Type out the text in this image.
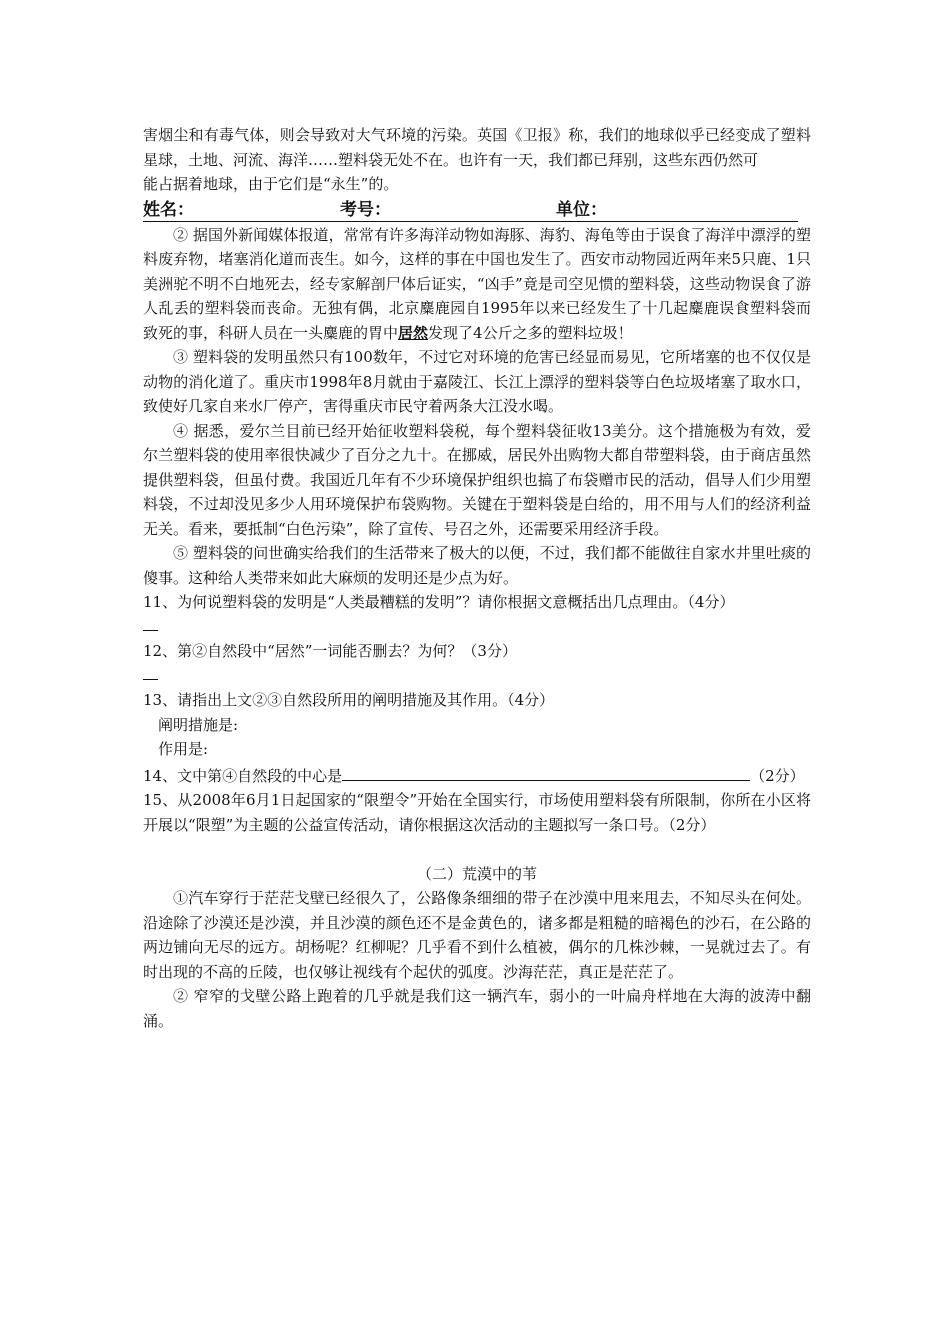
害烟尘和有毒气体，则会导致对大气环境的污染。英国《卫报》称，我们的地球似乎已经变成了塑料星球，土地、河流、海洋……塑料袋无处不在。也许有一天，我们都已拜别，这些东西仍然可

能占据着地球，由于它们是“永生”的。

姓名：	考号：	单位：

② 据国外新闻媒体报道，常常有许多海洋动物如海豚、海豹、海龟等由于误食了海洋中漂浮的塑料废弃物，堵塞消化道而丧生。如今，这样的事在中国也发生了。西安市动物园近两年来5只鹿、1只美洲驼不明不白地死去，经专家解剖尸体后证实，“凶手”竟是司空见惯的塑料袋，这些动物误食了游人乱丢的塑料袋而丧命。无独有偶，北京麋鹿园自1995年以来已经发生了十几起麋鹿误食塑料袋而致死的事，科研人员在一头麋鹿的胃中居然发现了4公斤之多的塑料垃圾！

③ 塑料袋的发明虽然只有100数年，不过它对环境的危害已经显而易见，它所堵塞的也不仅仅是动物的消化道了。重庆市1998年8月就由于嘉陵江、长江上漂浮的塑料袋等白色垃圾堵塞了取水口，致使好几家自来水厂停产，害得重庆市民守着两条大江没水喝。

④ 据悉，爱尔兰目前已经开始征收塑料袋税，每个塑料袋征收13美分。这个措施极为有效，爱尔兰塑料袋的使用率很快减少了百分之九十。在挪威，居民外出购物大都自带塑料袋，由于商店虽然提供塑料袋，但虽付费。我国近几年有不少环境保护组织也搞了布袋赠市民的活动，倡导人们少用塑料袋，不过却没见多少人用环境保护布袋购物。关键在于塑料袋是白给的，用不用与人们的经济利益无关。看来，要抵制“白色污染”，除了宣传、号召之外，还需要采用经济手段。

⑤ 塑料袋的问世确实给我们的生活带来了极大的以便，不过，我们都不能做往自家水井里吐痰的傻事。这种给人类带来如此大麻烦的发明还是少点为好。

11、为何说塑料袋的发明是“人类最糟糕的发明”？请你根据文意概括出几点理由。（4分）

12、第②自然段中“居然”一词能否删去？为何？（3分）

13、请指出上文②③自然段所用的阐明措施及其作用。（4分）

阐明措施是:

作用是:

14、文中第④自然段的中心是	（2分）

15、从2008年6月1日起国家的“限塑令”开始在全国实行，市场使用塑料袋有所限制，你所在小区将开展以“限塑”为主题的公益宣传活动，请你根据这次活动的主题拟写一条口号。（2分）

（二）荒漠中的苇

①汽车穿行于茫茫戈壁已经很久了，公路像条细细的带子在沙漠中甩来甩去，不知尽头在何处。沿途除了沙漠还是沙漠，并且沙漠的颜色还不是金黄色的，诸多都是粗糙的暗褐色的沙石，在公路的两边铺向无尽的远方。胡杨呢？红柳呢？几乎看不到什么植被，偶尔的几株沙棘，一晃就过去了。有时出现的不高的丘陵，也仅够让视线有个起伏的弧度。沙海茫茫，真正是茫茫了。

② 窄窄的戈壁公路上跑着的几乎就是我们这一辆汽车，弱小的一叶扁舟样地在大海的波涛中翻涌。
